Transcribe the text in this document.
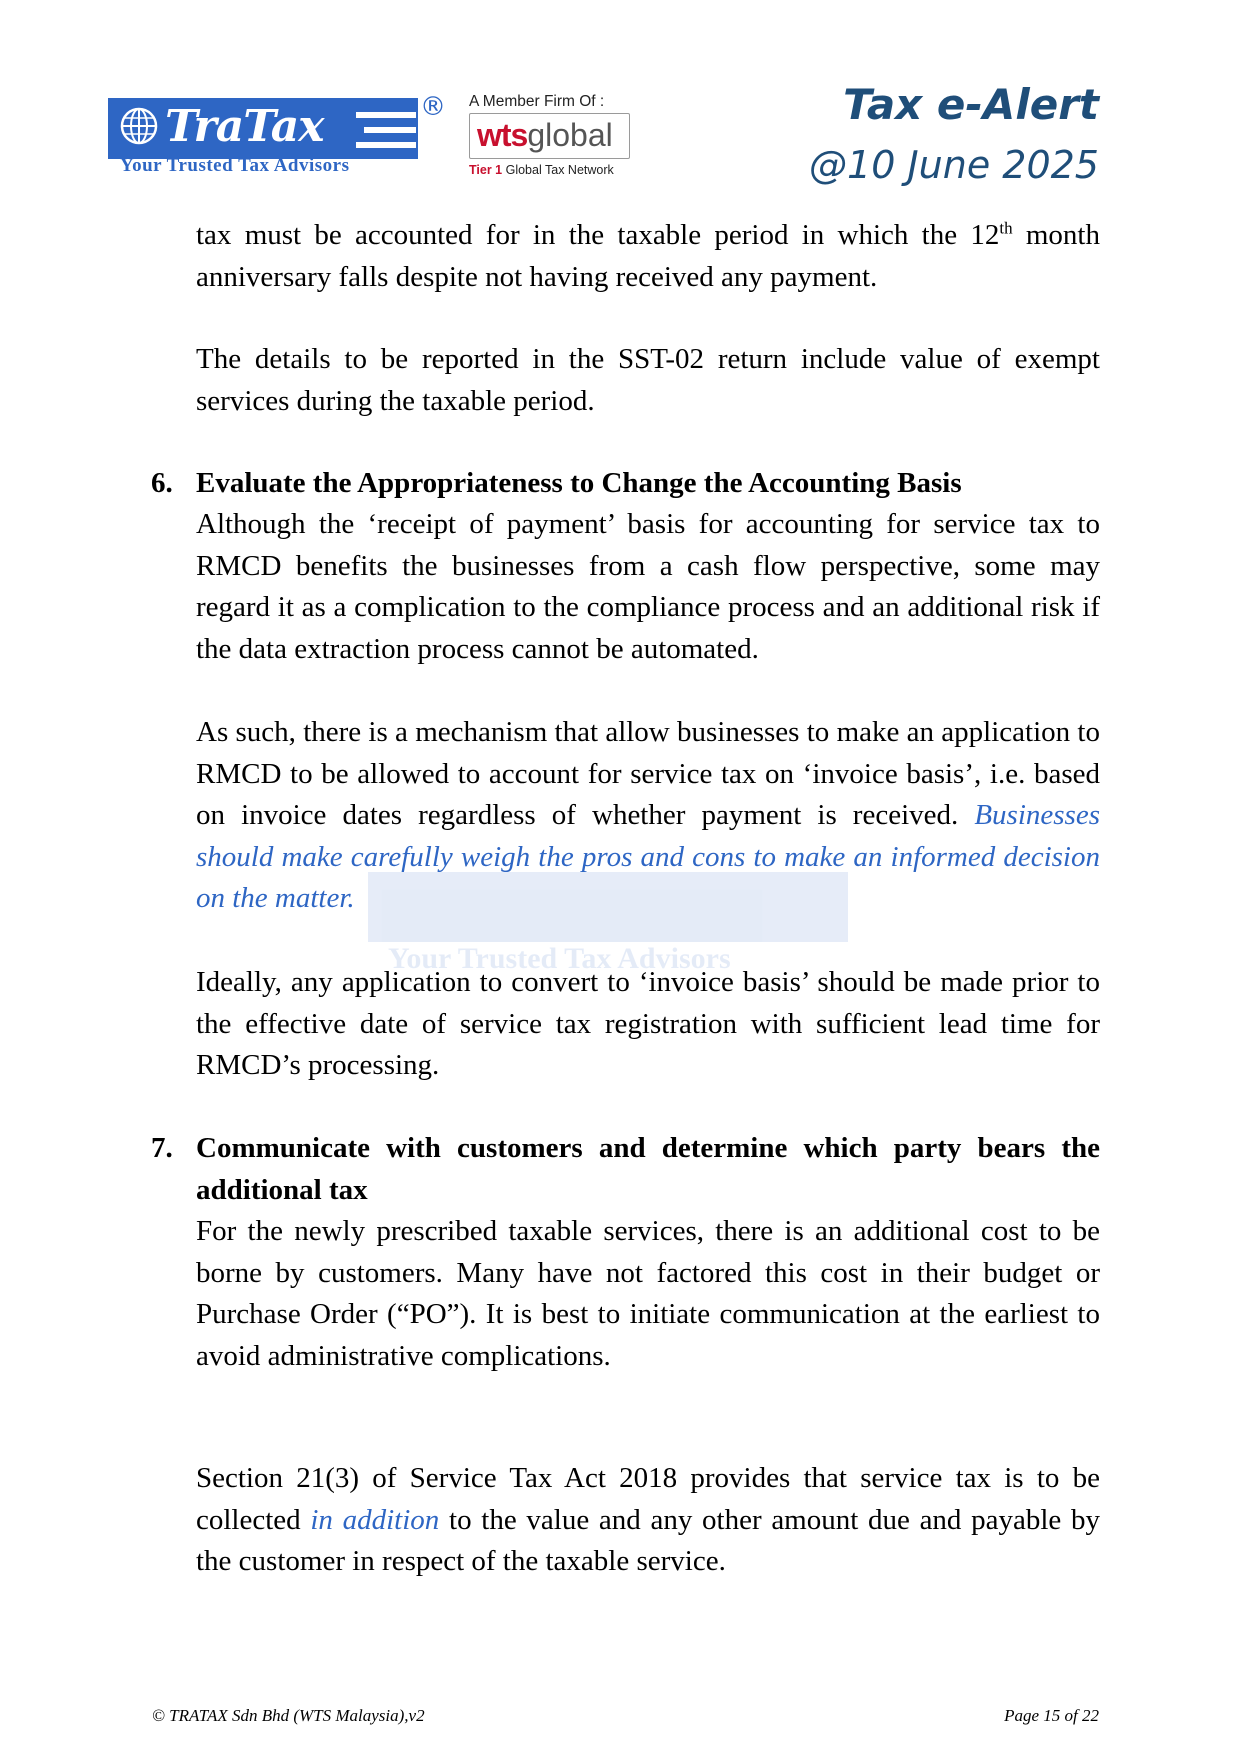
TraTax	®
Your Trusted Tax Advisors
A Member Firm Of :
wtsglobal
Tier 1 Global Tax Network
Tax e-Alert
@10 June 2025
Your Trusted Tax Advisors
tax must be accounted for in the taxable period in which the 12th month anniversary falls despite not having received any payment.
The details to be reported in the SST-02 return include value of exempt services during the taxable period.
6. Evaluate the Appropriateness to Change the Accounting Basis
Although the ‘receipt of payment’ basis for accounting for service tax to RMCD benefits the businesses from a cash flow perspective, some may regard it as a complication to the compliance process and an additional risk if the data extraction process cannot be automated.
As such, there is a mechanism that allow businesses to make an application to RMCD to be allowed to account for service tax on ‘invoice basis’, i.e. based on invoice dates regardless of whether payment is received. Businesses should make carefully weigh the pros and cons to make an informed decision on the matter.
Ideally, any application to convert to ‘invoice basis’ should be made prior to the effective date of service tax registration with sufficient lead time for RMCD’s processing.
7. Communicate with customers and determine which party bears the additional tax
For the newly prescribed taxable services, there is an additional cost to be borne by customers. Many have not factored this cost in their budget or Purchase Order (“PO”). It is best to initiate communication at the earliest to avoid administrative complications.
Section 21(3) of Service Tax Act 2018 provides that service tax is to be collected in addition to the value and any other amount due and payable by the customer in respect of the taxable service.
© TRATAX Sdn Bhd (WTS Malaysia),v2	Page 15 of 22
